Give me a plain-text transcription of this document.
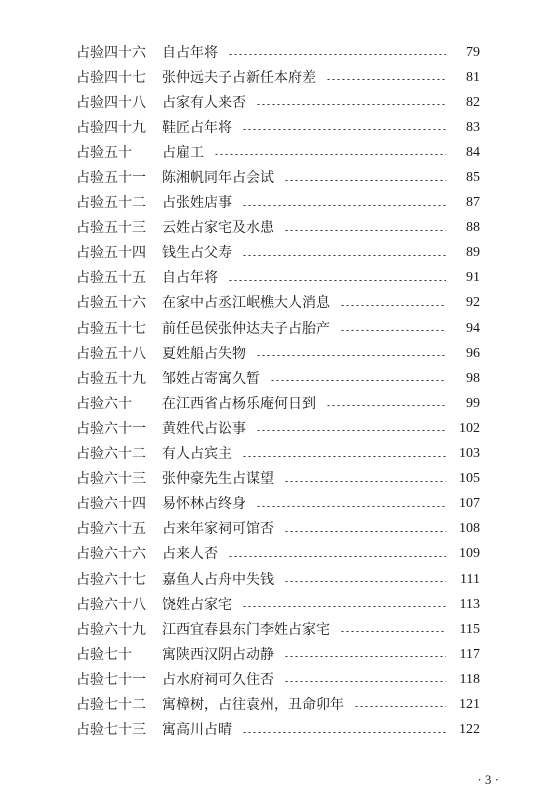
占验四十六	自占年将	79
占验四十七	张仲远夫子占新任本府差	81
占验四十八	占家有人来否	82
占验四十九	鞋匠占年将	83
占验五十	占雇工	84
占验五十一	陈湘帆同年占会试	85
占验五十二	占张姓店事	87
占验五十三	云姓占家宅及水患	88
占验五十四	钱生占父寿	89
占验五十五	自占年将	91
占验五十六	在家中占丞江岷樵大人消息	92
占验五十七	前任邑侯张仲达夫子占胎产	94
占验五十八	夏姓船占失物	96
占验五十九	邹姓占寄寓久暂	98
占验六十	在江西省占杨乐庵何日到	99
占验六十一	黄姓代占讼事	102
占验六十二	有人占宾主	103
占验六十三	张仲豪先生占谋望	105
占验六十四	易怀林占终身	107
占验六十五	占来年家祠可馆否	108
占验六十六	占来人否	109
占验六十七	嘉鱼人占舟中失钱	111
占验六十八	饶姓占家宅	113
占验六十九	江西宜春县东门李姓占家宅	115
占验七十	寓陕西汉阴占动静	117
占验七十一	占水府祠可久住否	118
占验七十二	寓樟树，占往袁州，丑命卯年	121
占验七十三	寓高川占晴	122
· 3 ·
